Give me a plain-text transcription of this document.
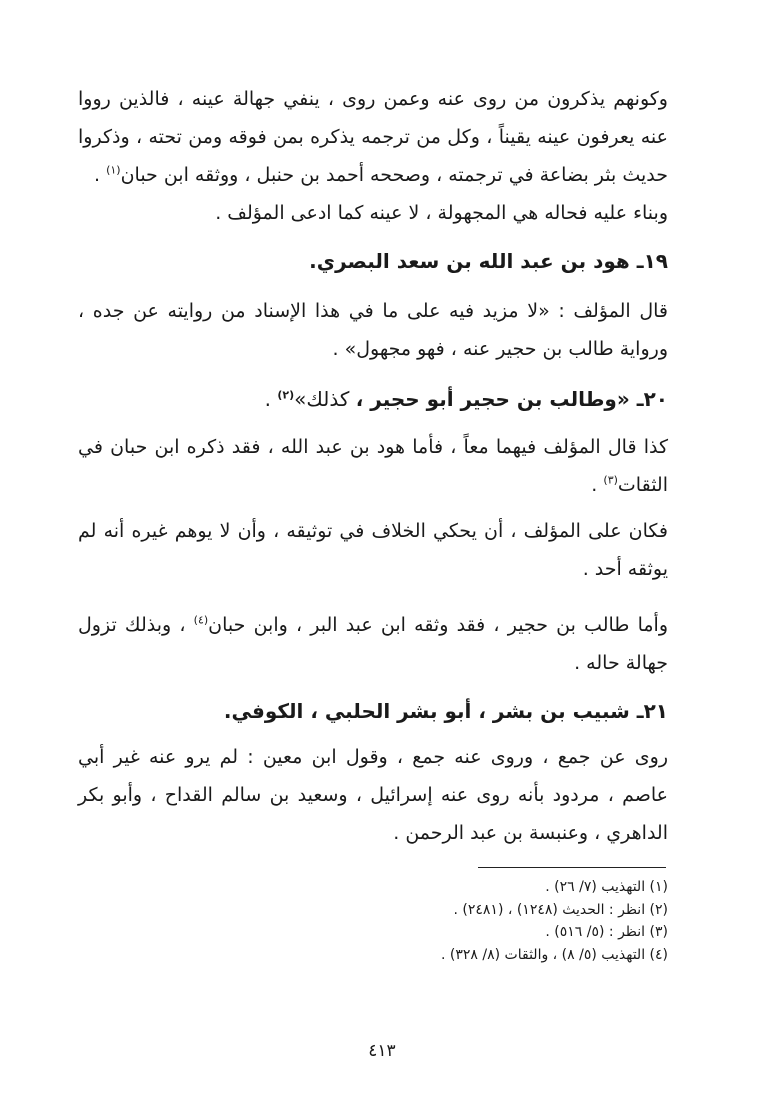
وكونهم يذكرون من روى عنه وعمن روى ، ينفي جهالة عينه ، فالذين رووا عنه يعرفون عينه يقيناً ، وكل من ترجمه يذكره بمن فوقه ومن تحته ، وذكروا حديث بثر بضاعة في ترجمته ، وصححه أحمد بن حنبل ، ووثقه ابن حبان$^{(١)}$ .

وبناء عليه فحاله هي المجهولة ، لا عينه كما ادعى المؤلف .

١٩ـ هود بن عبد الله بن سعد البصري.

قال المؤلف : «لا مزيد فيه على ما في هذا الإسناد من روايته عن جده ، ورواية طالب بن حجير عنه ، فهو مجهول» .

٢٠ـ «وطالب بن حجير أبو حجير ، كذلك»$^{(٢)}$ .

كذا قال المؤلف فيهما معاً ، فأما هود بن عبد الله ، فقد ذكره ابن حبان في الثقات$^{(٣)}$ .

فكان على المؤلف ، أن يحكي الخلاف في توثيقه ، وأن لا يوهم غيره أنه لم يوثقه أحد .

وأما طالب بن حجير ، فقد وثقه ابن عبد البر ، وابن حبان$^{(٤)}$ ، وبذلك تزول جهالة حاله .

٢١ـ شبيب بن بشر ، أبو بشر الحلبي ، الكوفي.

روى عن جمع ، وروى عنه جمع ، وقول ابن معين : لم يرو عنه غير أبي عاصم ، مردود بأنه روى عنه إسرائيل ، وسعيد بن سالم القداح ، وأبو بكر الداهري ، وعنبسة بن عبد الرحمن .

(١) التهذيب (٧/ ٢٦) .
(٢) انظر : الحديث (١٢٤٨) ، (٢٤٨١) .
(٣) انظر : (٥/ ٥١٦) .
(٤) التهذيب (٥/ ٨) ، والثقات (٨/ ٣٢٨) .
٤١٣
